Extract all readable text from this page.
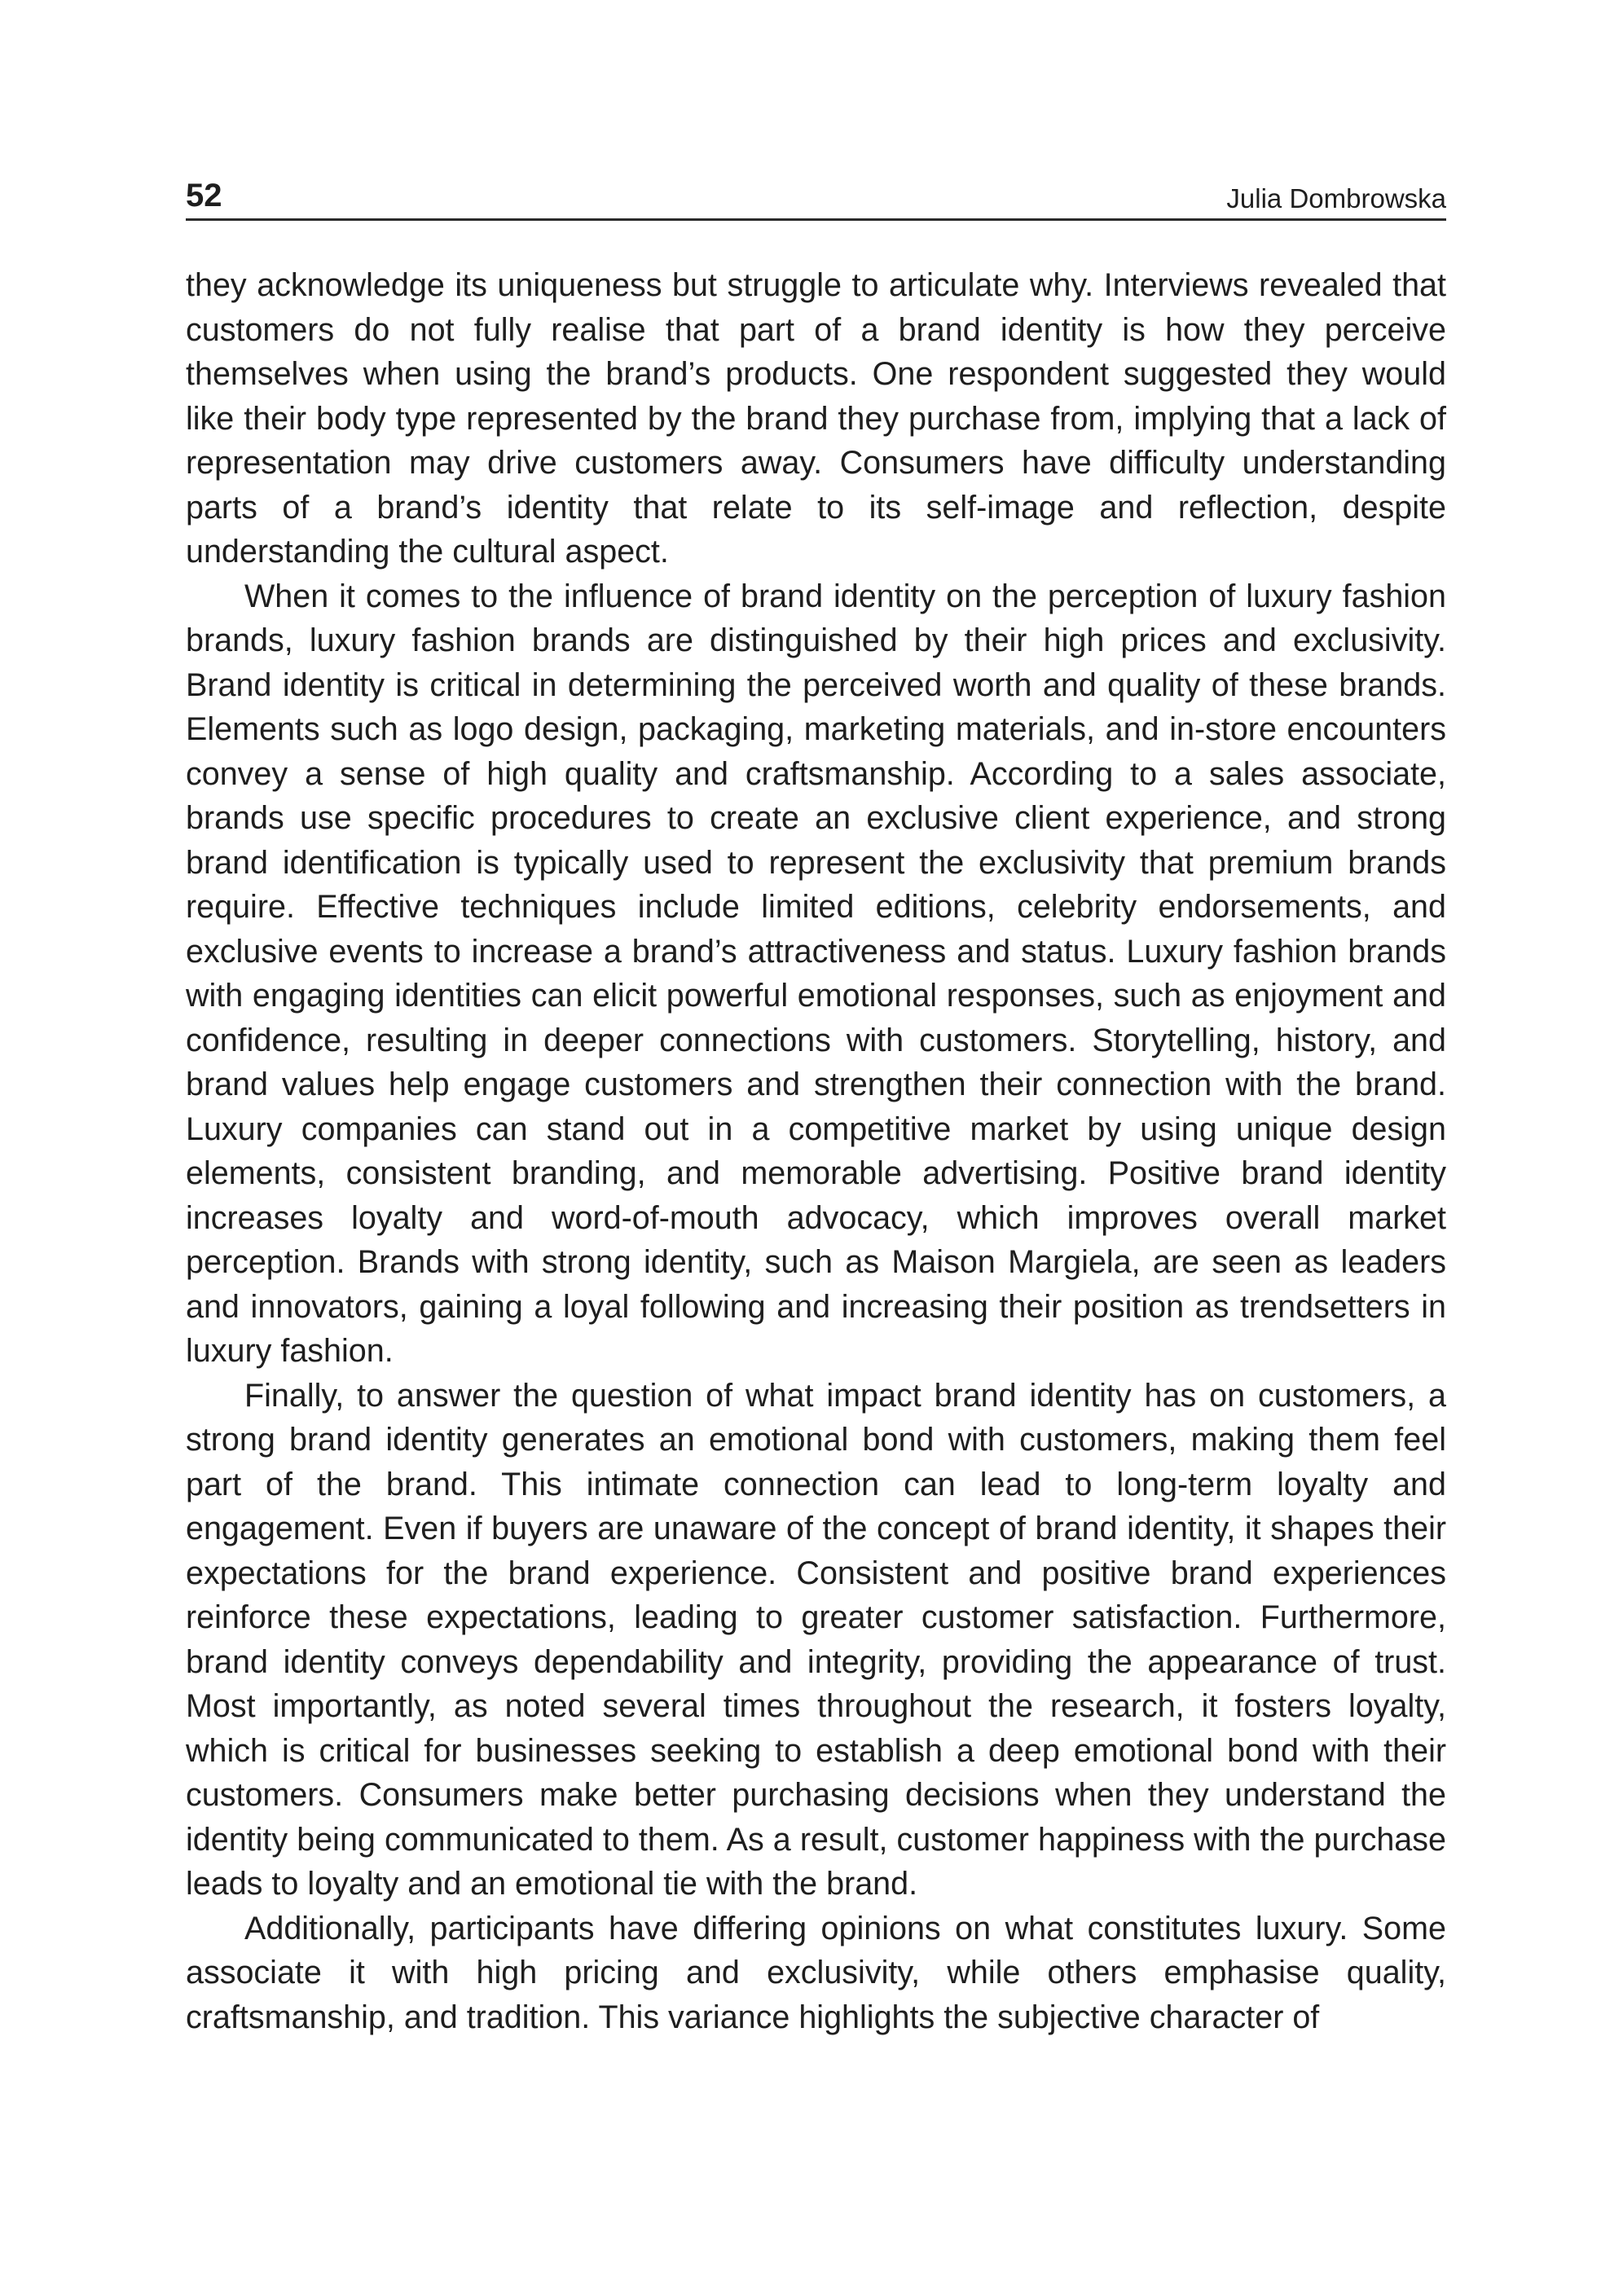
52	Julia Dombrowska

they acknowledge its uniqueness but struggle to articulate why. Interviews revealed that customers do not fully realise that part of a brand identity is how they perceive themselves when using the brand’s products. One respondent suggested they would like their body type represented by the brand they purchase from, implying that a lack of representation may drive customers away. Consumers have difficulty understanding parts of a brand’s identity that relate to its self-image and reflection, despite understanding the cultural aspect.

When it comes to the influence of brand identity on the perception of luxury fashion brands, luxury fashion brands are distinguished by their high prices and exclusivity. Brand identity is critical in determining the perceived worth and quality of these brands. Elements such as logo design, packaging, marketing materials, and in-store encounters convey a sense of high quality and craftsmanship. According to a sales associate, brands use specific procedures to create an exclusive client experience, and strong brand identification is typically used to represent the exclusivity that premium brands require. Effective techniques include limited editions, celebrity endorsements, and exclusive events to increase a brand’s attractiveness and status. Luxury fashion brands with engaging identities can elicit powerful emotional responses, such as enjoyment and confidence, resulting in deeper connections with customers. Storytelling, history, and brand values help engage customers and strengthen their connection with the brand. Luxury companies can stand out in a competitive market by using unique design elements, consistent branding, and memorable advertising. Positive brand identity increases loyalty and word-of-mouth advocacy, which improves overall market perception. Brands with strong identity, such as Maison Margiela, are seen as leaders and innovators, gaining a loyal following and increasing their position as trendsetters in luxury fashion.

Finally, to answer the question of what impact brand identity has on customers, a strong brand identity generates an emotional bond with customers, making them feel part of the brand. This intimate connection can lead to long-term loyalty and engagement. Even if buyers are unaware of the concept of brand identity, it shapes their expectations for the brand experience. Consistent and positive brand experiences reinforce these expectations, leading to greater customer satisfaction. Furthermore, brand identity conveys dependability and integrity, providing the appearance of trust. Most importantly, as noted several times throughout the research, it fosters loyalty, which is critical for businesses seeking to establish a deep emotional bond with their customers. Consumers make better purchasing decisions when they understand the identity being communicated to them. As a result, customer happiness with the purchase leads to loyalty and an emotional tie with the brand.

Additionally, participants have differing opinions on what constitutes luxury. Some associate it with high pricing and exclusivity, while others emphasise quality, craftsmanship, and tradition. This variance highlights the subjective character of
